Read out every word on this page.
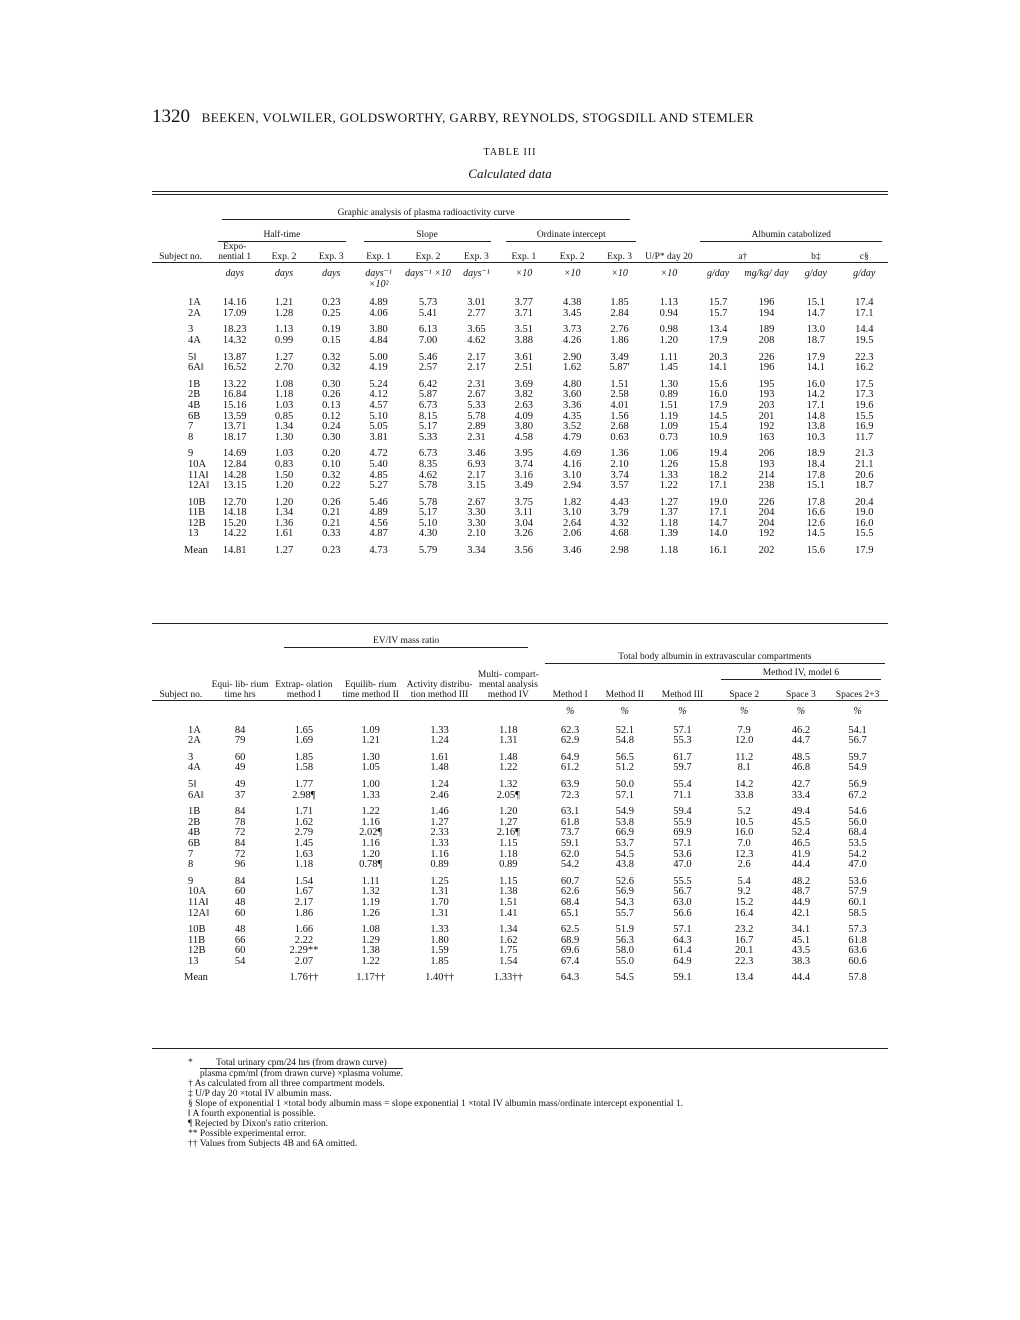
1320 BEEKEN, VOLWILER, GOLDSWORTHY, GARBY, REYNOLDS, STOGSDILL AND STEMLER
TABLE III
Calculated data
	Graphic analysis of plasma radioactivity curve													
	Half-time			Slope			Ordinate intercept				Albumin catabolized			
Subject no.	Expo- nential 1	Exp. 2	Exp. 3	Exp. 1	Exp. 2	Exp. 3	Exp. 1	Exp. 2	Exp. 3	U/P* day 20	a†		b‡	c§

	days	days	days	days⁻¹ ×10²	days⁻¹ ×10	days⁻¹	×10	×10	×10	×10	g/day	mg/kg/ day	g/day	g/day
1A	14.16	1.21	0.23	4.89	5.73	3.01	3.77	4.38	1.85	1.13	15.7	196	15.1	17.4
2A	17.09	1.28	0.25	4.06	5.41	2.77	3.71	3.45	2.84	0.94	15.7	194	14.7	17.1
3	18.23	1.13	0.19	3.80	6.13	3.65	3.51	3.73	2.76	0.98	13.4	189	13.0	14.4
4A	14.32	0.99	0.15	4.84	7.00	4.62	3.88	4.26	1.86	1.20	17.9	208	18.7	19.5
5‖	13.87	1.27	0.32	5.00	5.46	2.17	3.61	2.90	3.49	1.11	20.3	226	17.9	22.3
6A‖	16.52	2.70	0.32	4.19	2.57	2.17	2.51	1.62	5.87'	1.45	14.1	196	14.1	16.2
1B	13.22	1.08	0.30	5.24	6.42	2.31	3.69	4.80	1.51	1.30	15.6	195	16.0	17.5
2B	16.84	1.18	0.26	4.12	5.87	2.67	3.82	3.60	2.58	0.89	16.0	193	14.2	17.3
4B	15.16	1.03	0.13	4.57	6.73	5.33	2.63	3.36	4.01	1.51	17.9	203	17.1	19.6
6B	13.59	0.85	0.12	5.10	8.15	5.78	4.09	4.35	1.56	1.19	14.5	201	14.8	15.5
7	13.71	1.34	0.24	5.05	5.17	2.89	3.80	3.52	2.68	1.09	15.4	192	13.8	16.9
8	18.17	1.30	0.30	3.81	5.33	2.31	4.58	4.79	0.63	0.73	10.9	163	10.3	11.7
9	14.69	1.03	0.20	4.72	6.73	3.46	3.95	4.69	1.36	1.06	19.4	206	18.9	21.3
10A	12.84	0.83	0.10	5.40	8.35	6.93	3.74	4.16	2.10	1.26	15.8	193	18.4	21.1
11A‖	14.28	1.50	0.32	4.85	4.62	2.17	3.16	3.10	3.74	1.33	18.2	214	17.8	20.6
12A‖	13.15	1.20	0.22	5.27	5.78	3.15	3.49	2.94	3.57	1.22	17.1	238	15.1	18.7
10B	12.70	1.20	0.26	5.46	5.78	2.67	3.75	1.82	4.43	1.27	19.0	226	17.8	20.4
11B	14.18	1.34	0.21	4.89	5.17	3.30	3.11	3.10	3.79	1.37	17.1	204	16.6	19.0
12B	15.20	1.36	0.21	4.56	5.10	3.30	3.04	2.64	4.32	1.18	14.7	204	12.6	16.0
13	14.22	1.61	0.33	4.87	4.30	2.10	3.26	2.06	4.68	1.39	14.0	192	14.5	15.5
Mean	14.81	1.27	0.23	4.73	5.79	3.34	3.56	3.46	2.98	1.18	16.1	202	15.6	17.9
		EV/IV mass ratio									
					Multi- compart- mental analysis method IV	Total body albumin in extravascular compartments					
									Method IV, model 6		
Subject no.	Equi- lib- rium time hrs	Extrap- olation method I	Equilib- rium time method II	Activity distribu- tion method III		Method I	Method II	Method III	Space 2	Space 3	Spaces 2+3

						%	%	%	%	%	%
1A	84	1.65	1.09	1.33	1.18	62.3	52.1	57.1	7.9	46.2	54.1
2A	79	1.69	1.21	1.24	1.31	62.9	54.8	55.3	12.0	44.7	56.7
3	60	1.85	1.30	1.61	1.48	64.9	56.5	61.7	11.2	48.5	59.7
4A	49	1.58	1.05	1.48	1.22	61.2	51.2	59.7	8.1	46.8	54.9
5‖	49	1.77	1.00	1.24	1.32	63.9	50.0	55.4	14.2	42.7	56.9
6A‖	37	2.98¶	1.33	2.46	2.05¶	72.3	57.1	71.1	33.8	33.4	67.2
1B	84	1.71	1.22	1.46	1.20	63.1	54.9	59.4	5.2	49.4	54.6
2B	78	1.62	1.16	1.27	1.27	61.8	53.8	55.9	10.5	45.5	56.0
4B	72	2.79	2.02¶	2.33	2.16¶	73.7	66.9	69.9	16.0	52.4	68.4
6B	84	1.45	1.16	1.33	1.15	59.1	53.7	57.1	7.0	46.5	53.5
7	72	1.63	1.20	1.16	1.18	62.0	54.5	53.6	12.3	41.9	54.2
8	96	1.18	0.78¶	0.89	0.89	54.2	43.8	47.0	2.6	44.4	47.0
9	84	1.54	1.11	1.25	1.15	60.7	52.6	55.5	5.4	48.2	53.6
10A	60	1.67	1.32	1.31	1.38	62.6	56.9	56.7	9.2	48.7	57.9
11A‖	48	2.17	1.19	1.70	1.51	68.4	54.3	63.0	15.2	44.9	60.1
12A‖	60	1.86	1.26	1.31	1.41	65.1	55.7	56.6	16.4	42.1	58.5
10B	48	1.66	1.08	1.33	1.34	62.5	51.9	57.1	23.2	34.1	57.3
11B	66	2.22	1.29	1.80	1.62	68.9	56.3	64.3	16.7	45.1	61.8
12B	60	2.29**	1.38	1.59	1.75	69.6	58.0	61.4	20.1	43.5	63.6
13	54	2.07	1.22	1.85	1.54	67.4	55.0	64.9	22.3	38.3	60.6
Mean		1.76††	1.17††	1.40††	1.33††	64.3	54.5	59.1	13.4	44.4	57.8
* $\frac{\text{Total urinary cpm/24 hrs (from drawn curve)}}{\text{plasma cpm/ml (from drawn curve) ×plasma volume.}}$
† As calculated from all three compartment models.
‡ U/P day 20 ×total IV albumin mass.
§ Slope of exponential 1 ×total body albumin mass = slope exponential 1 ×total IV albumin mass/ordinate intercept exponential 1.
‖ A fourth exponential is possible.
¶ Rejected by Dixon's ratio criterion.
** Possible experimental error.
†† Values from Subjects 4B and 6A omitted.
